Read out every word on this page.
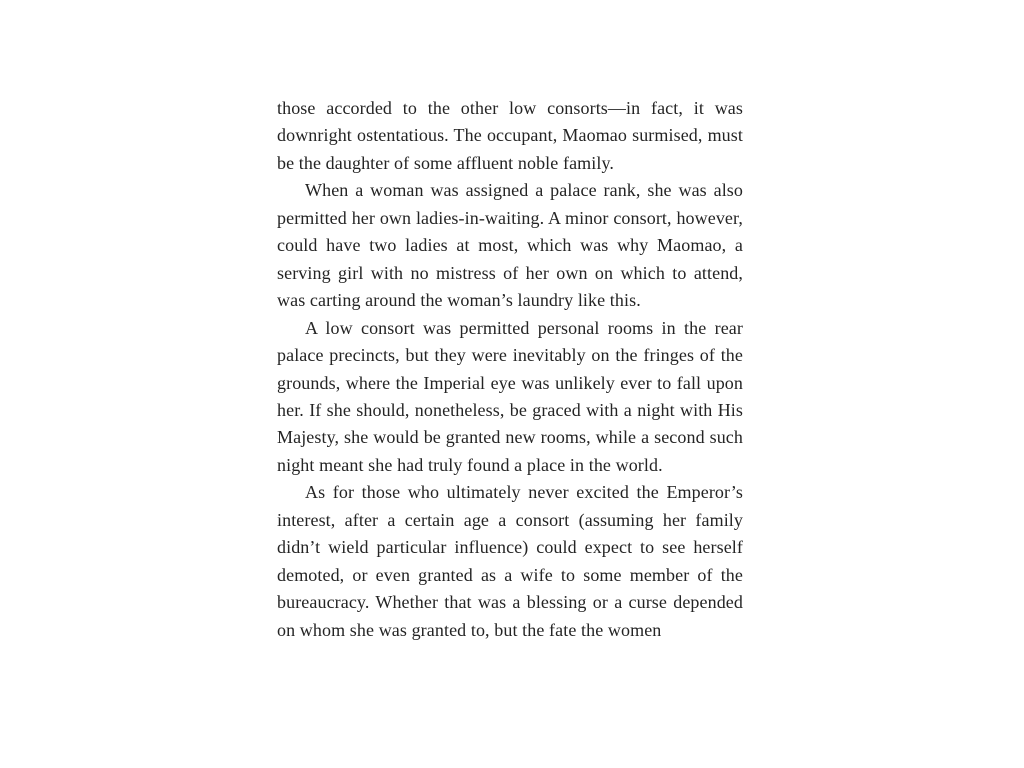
those accorded to the other low consorts—in fact, it was downright ostentatious. The occupant, Maomao surmised, must be the daughter of some affluent noble family.

When a woman was assigned a palace rank, she was also permitted her own ladies-in-waiting. A minor consort, however, could have two ladies at most, which was why Maomao, a serving girl with no mistress of her own on which to attend, was carting around the woman’s laundry like this.

A low consort was permitted personal rooms in the rear palace precincts, but they were inevitably on the fringes of the grounds, where the Imperial eye was unlikely ever to fall upon her. If she should, nonetheless, be graced with a night with His Majesty, she would be granted new rooms, while a second such night meant she had truly found a place in the world.

As for those who ultimately never excited the Emperor’s interest, after a certain age a consort (assuming her family didn’t wield particular influence) could expect to see herself demoted, or even granted as a wife to some member of the bureaucracy. Whether that was a blessing or a curse depended on whom she was granted to, but the fate the women
